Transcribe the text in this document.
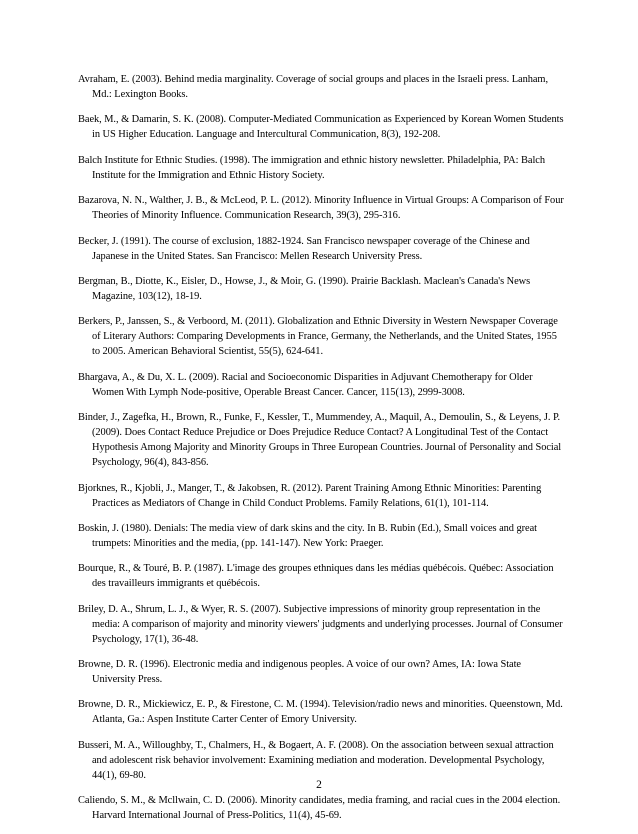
Avraham, E. (2003). Behind media marginality. Coverage of social groups and places in the Israeli press. Lanham, Md.: Lexington Books.
Baek, M., & Damarin, S. K. (2008). Computer-Mediated Communication as Experienced by Korean Women Students in US Higher Education. Language and Intercultural Communication, 8(3), 192-208.
Balch Institute for Ethnic Studies. (1998). The immigration and ethnic history newsletter. Philadelphia, PA: Balch Institute for the Immigration and Ethnic History Society.
Bazarova, N. N., Walther, J. B., & McLeod, P. L. (2012). Minority Influence in Virtual Groups: A Comparison of Four Theories of Minority Influence. Communication Research, 39(3), 295-316.
Becker, J. (1991). The course of exclusion, 1882-1924. San Francisco newspaper coverage of the Chinese and Japanese in the United States. San Francisco: Mellen Research University Press.
Bergman, B., Diotte, K., Eisler, D., Howse, J., & Moir, G. (1990). Prairie Backlash. Maclean's Canada's News Magazine, 103(12), 18-19.
Berkers, P., Janssen, S., & Verboord, M. (2011). Globalization and Ethnic Diversity in Western Newspaper Coverage of Literary Authors: Comparing Developments in France, Germany, the Netherlands, and the United States, 1955 to 2005. American Behavioral Scientist, 55(5), 624-641.
Bhargava, A., & Du, X. L. (2009). Racial and Socioeconomic Disparities in Adjuvant Chemotherapy for Older Women With Lymph Node-positive, Operable Breast Cancer. Cancer, 115(13), 2999-3008.
Binder, J., Zagefka, H., Brown, R., Funke, F., Kessler, T., Mummendey, A., Maquil, A., Demoulin, S., & Leyens, J. P. (2009). Does Contact Reduce Prejudice or Does Prejudice Reduce Contact? A Longitudinal Test of the Contact Hypothesis Among Majority and Minority Groups in Three European Countries. Journal of Personality and Social Psychology, 96(4), 843-856.
Bjorknes, R., Kjobli, J., Manger, T., & Jakobsen, R. (2012). Parent Training Among Ethnic Minorities: Parenting Practices as Mediators of Change in Child Conduct Problems. Family Relations, 61(1), 101-114.
Boskin, J. (1980). Denials: The media view of dark skins and the city. In B. Rubin (Ed.), Small voices and great trumpets: Minorities and the media, (pp. 141-147). New York: Praeger.
Bourque, R., & Touré, B. P. (1987). L'image des groupes ethniques dans les médias québécois. Québec: Association des travailleurs immigrants et québécois.
Briley, D. A., Shrum, L. J., & Wyer, R. S. (2007). Subjective impressions of minority group representation in the media: A comparison of majority and minority viewers' judgments and underlying processes. Journal of Consumer Psychology, 17(1), 36-48.
Browne, D. R. (1996). Electronic media and indigenous peoples. A voice of our own? Ames, IA: Iowa State University Press.
Browne, D. R., Mickiewicz, E. P., & Firestone, C. M. (1994). Television/radio news and minorities. Queenstown, Md. Atlanta, Ga.: Aspen Institute Carter Center of Emory University.
Busseri, M. A., Willoughby, T., Chalmers, H., & Bogaert, A. F. (2008). On the association between sexual attraction and adolescent risk behavior involvement: Examining mediation and moderation. Developmental Psychology, 44(1), 69-80.
Caliendo, S. M., & Mcllwain, C. D. (2006). Minority candidates, media framing, and racial cues in the 2004 election. Harvard International Journal of Press-Politics, 11(4), 45-69.
2
